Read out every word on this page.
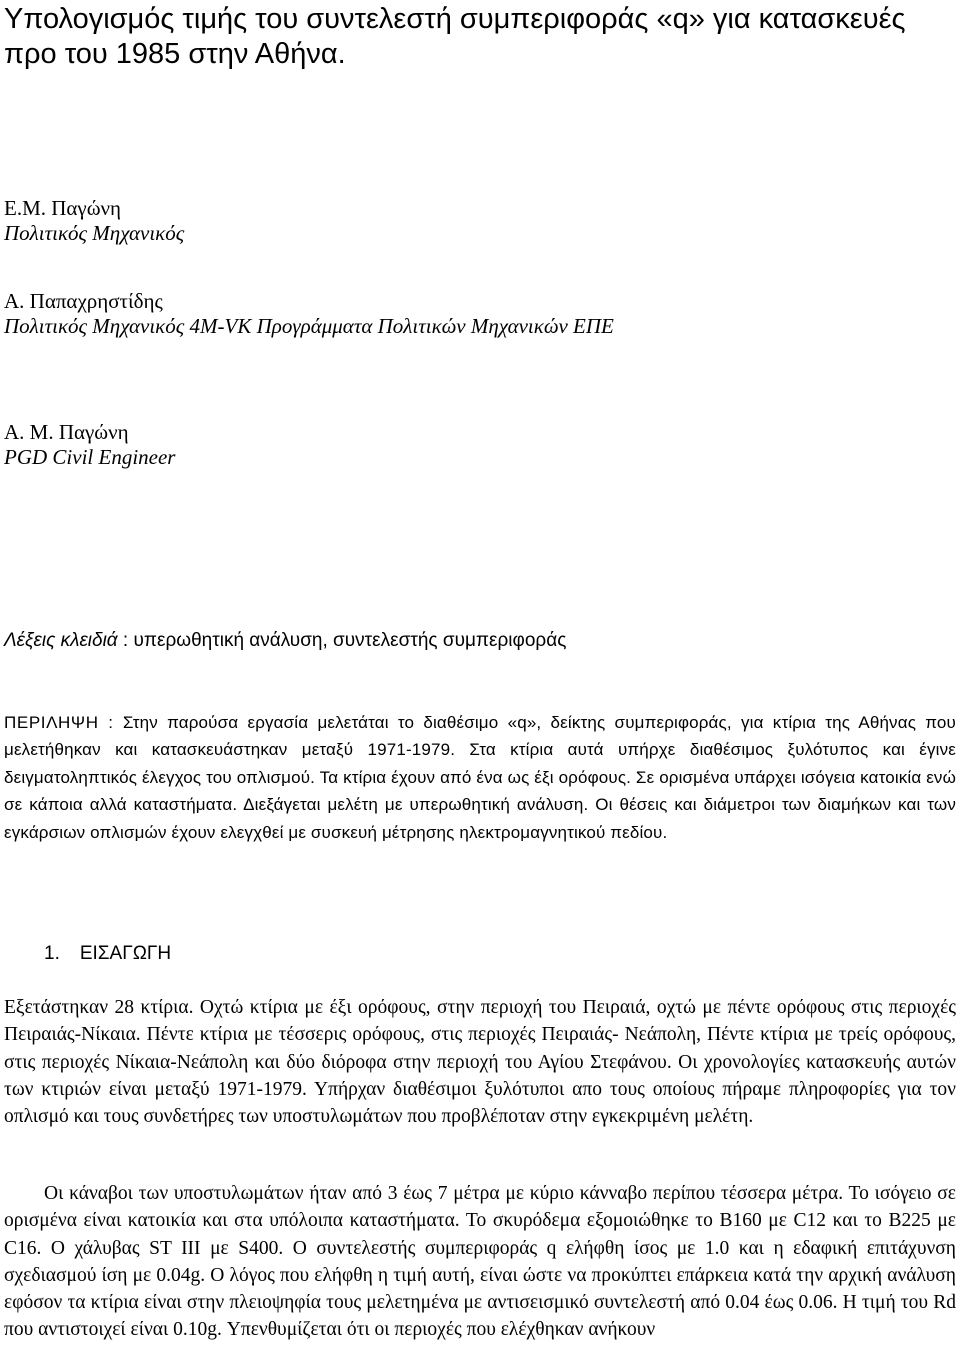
Υπολογισμός τιμής του συντελεστή συμπεριφοράς «q» για κατασκευές προ του 1985 στην Αθήνα.
Ε.Μ. Παγώνη
Πολιτικός Μηχανικός
Α. Παπαχρηστίδης
Πολιτικός Μηχανικός 4M-VK Προγράμματα Πολιτικών Μηχανικών ΕΠΕ
Α. Μ. Παγώνη
PGD Civil Engineer
Λέξεις κλειδιά : υπερωθητική ανάλυση, συντελεστής συμπεριφοράς
ΠΕΡΙΛΗΨΗ : Στην παρούσα εργασία μελετάται το διαθέσιμο «q», δείκτης συμπεριφοράς, για κτίρια της Αθήνας που μελετήθηκαν και κατασκευάστηκαν μεταξύ 1971-1979. Στα κτίρια αυτά υπήρχε διαθέσιμος ξυλότυπος και έγινε δειγματοληπτικός έλεγχος του οπλισμού. Τα κτίρια έχουν από ένα ως έξι ορόφους. Σε ορισμένα υπάρχει ισόγεια κατοικία ενώ σε κάποια αλλά καταστήματα. Διεξάγεται μελέτη με υπερωθητική ανάλυση. Οι θέσεις και διάμετροι των διαμήκων και των εγκάρσιων οπλισμών έχουν ελεγχθεί με συσκευή μέτρησης ηλεκτρομαγνητικού πεδίου.
1. ΕΙΣΑΓΩΓΗ

Εξετάστηκαν 28 κτίρια. Οχτώ κτίρια με έξι ορόφους, στην περιοχή του Πειραιά, οχτώ με πέντε ορόφους στις περιοχές Πειραιάς-Νίκαια. Πέντε κτίρια με τέσσερις ορόφους, στις περιοχές Πειραιάς- Νεάπολη, Πέντε κτίρια με τρείς ορόφους, στις περιοχές Νίκαια-Νεάπολη και δύο διόροφα στην περιοχή του Αγίου Στεφάνου. Οι χρονολογίες κατασκευής αυτών των κτιριών είναι μεταξύ 1971-1979. Υπήρχαν διαθέσιμοι ξυλότυποι απο τους οποίους πήραμε πληροφορίες για τον οπλισμό και τους συνδετήρες των υποστυλωμάτων που προβλέποταν στην εγκεκριμένη μελέτη.

Οι κάναβοι των υποστυλωμάτων ήταν από 3 έως 7 μέτρα με κύριο κάνναβο περίπου τέσσερα μέτρα. Το ισόγειο σε ορισμένα είναι κατοικία και στα υπόλοιπα καταστήματα. Το σκυρόδεμα εξομοιώθηκε το B160 με C12 και το B225 με C16. Ο χάλυβας ST III με S400. Ο συντελεστής συμπεριφοράς q ελήφθη ίσος με 1.0 και η εδαφική επιτάχυνση σχεδιασμού ίση με 0.04g. Ο λόγος που ελήφθη η τιμή αυτή, είναι ώστε να προκύπτει επάρκεια κατά την αρχική ανάλυση εφόσον τα κτίρια είναι στην πλειοψηφία τους μελετημένα με αντισεισμικό συντελεστή από 0.04 έως 0.06. Η τιμή του Rd που αντιστοιχεί είναι 0.10g. Υπενθυμίζεται ότι οι περιοχές που ελέχθηκαν ανήκουν
